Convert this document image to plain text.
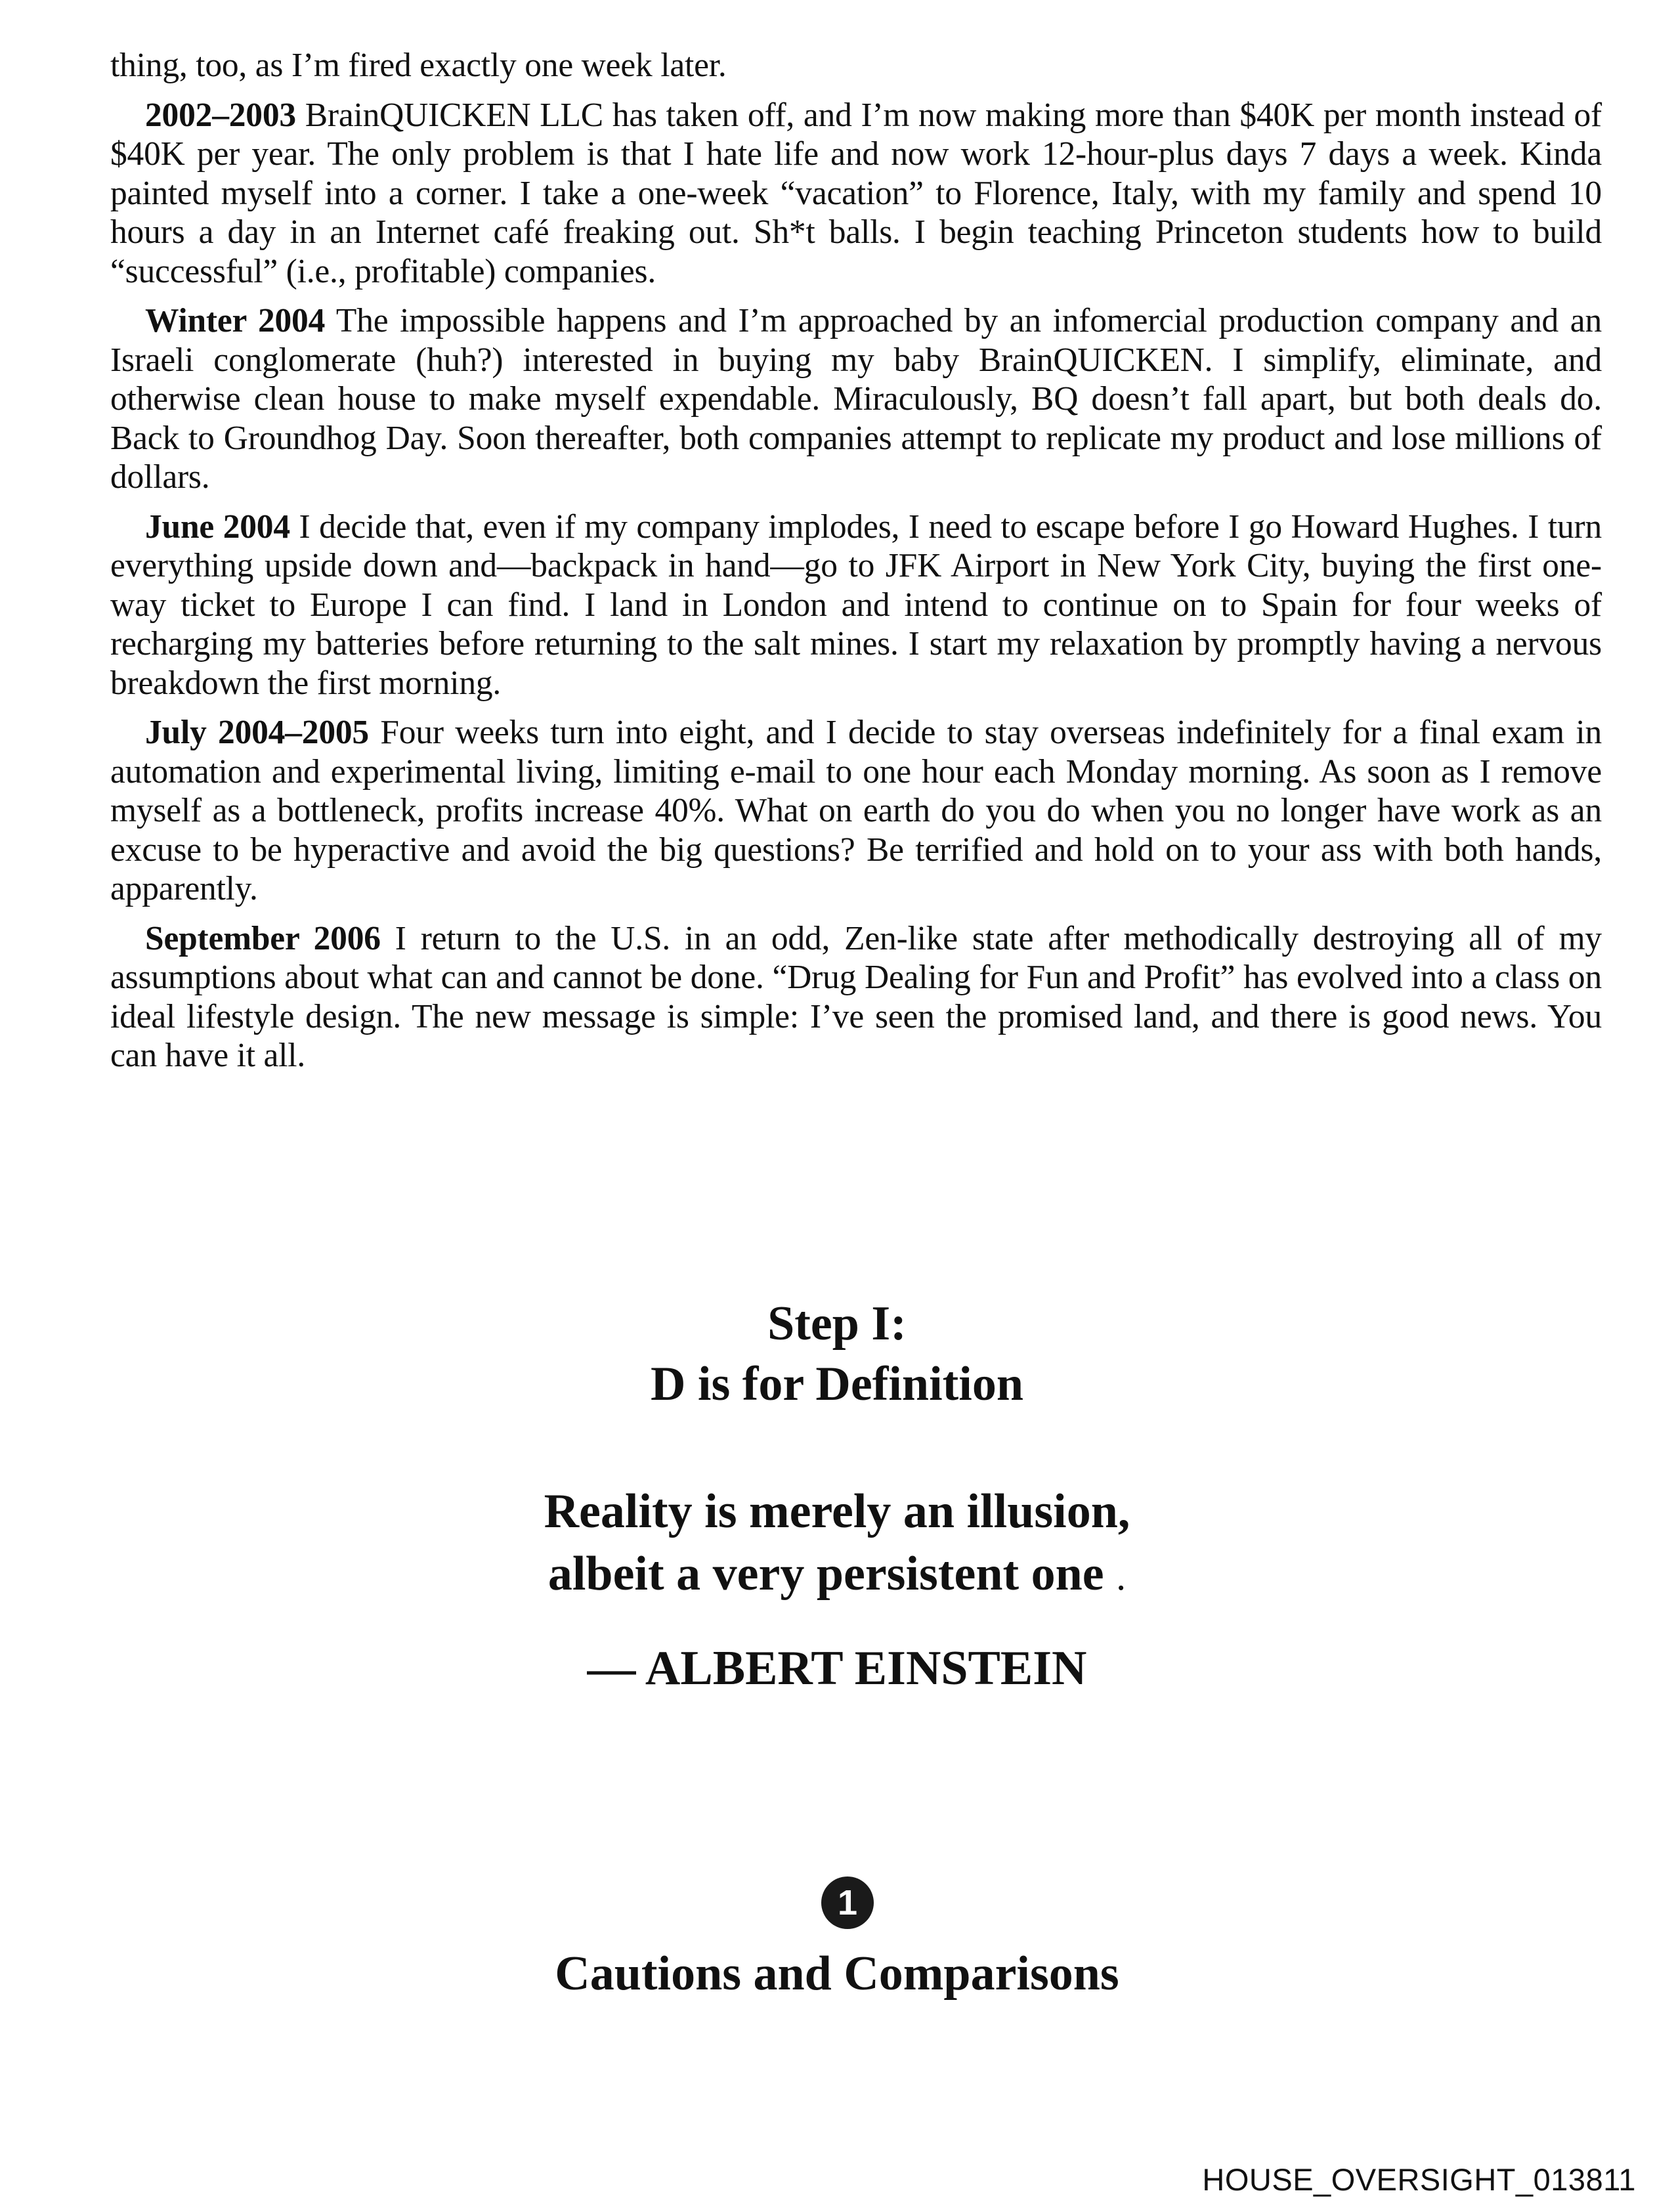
thing, too, as I’m fired exactly one week later.

2002–2003 BrainQUICKEN LLC has taken off, and I’m now making more than $40K per month instead of $40K per year. The only problem is that I hate life and now work 12-hour-plus days 7 days a week. Kinda painted myself into a corner. I take a one-week “vacation” to Florence, Italy, with my family and spend 10 hours a day in an Internet café freaking out. Sh*t balls. I begin teaching Princeton students how to build “successful” (i.e., profitable) companies.

Winter 2004 The impossible happens and I’m approached by an infomercial production company and an Israeli conglomerate (huh?) interested in buying my baby BrainQUICKEN. I simplify, eliminate, and otherwise clean house to make myself expendable. Miraculously, BQ doesn’t fall apart, but both deals do. Back to Groundhog Day. Soon thereafter, both companies attempt to replicate my product and lose millions of dollars.

June 2004 I decide that, even if my company implodes, I need to escape before I go Howard Hughes. I turn everything upside down and—backpack in hand—go to JFK Airport in New York City, buying the first one-way ticket to Europe I can find. I land in London and intend to continue on to Spain for four weeks of recharging my batteries before returning to the salt mines. I start my relaxation by promptly having a nervous breakdown the first morning.

July 2004–2005 Four weeks turn into eight, and I decide to stay overseas indefinitely for a final exam in automation and experimental living, limiting e-mail to one hour each Monday morning. As soon as I remove myself as a bottleneck, profits increase 40%. What on earth do you do when you no longer have work as an excuse to be hyperactive and avoid the big questions? Be terrified and hold on to your ass with both hands, apparently.

September 2006 I return to the U.S. in an odd, Zen-like state after methodically destroying all of my assumptions about what can and cannot be done. “Drug Dealing for Fun and Profit” has evolved into a class on ideal lifestyle design. The new message is simple: I’ve seen the promised land, and there is good news. You can have it all.

Step I:
D is for Definition
Reality is merely an illusion,
albeit a very persistent one .
— ALBERT EINSTEIN
1
Cautions and Comparisons
HOUSE_OVERSIGHT_013811
